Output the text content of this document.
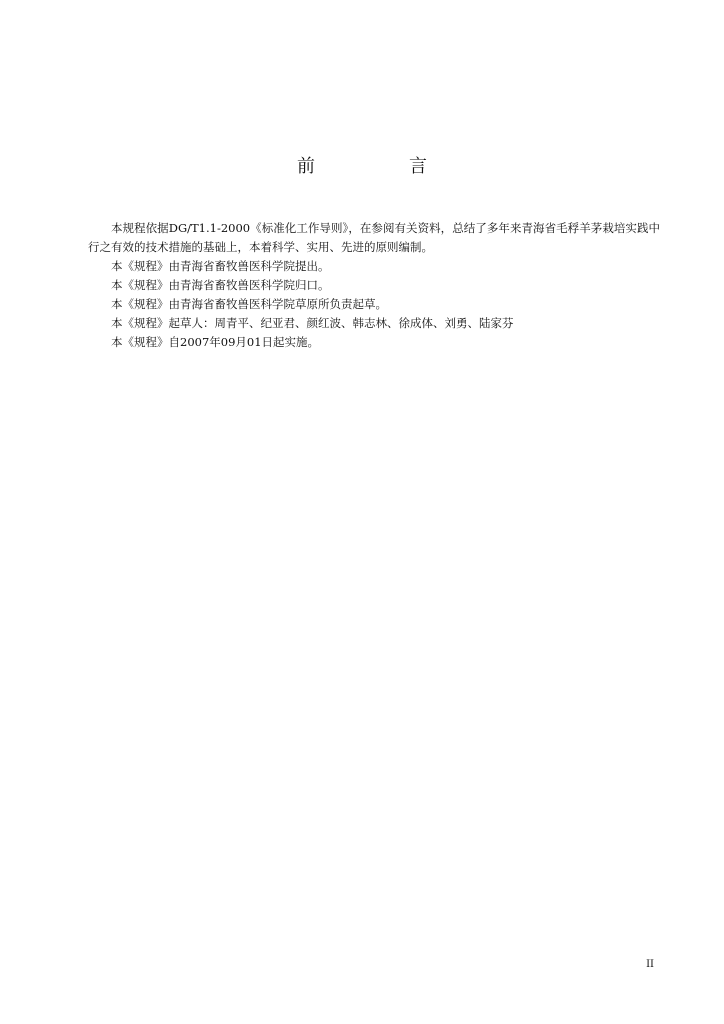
前　言

本规程依据DG/T1.1-2000《标准化工作导则》，在参阅有关资料，总结了多年来青海省毛稃羊茅栽培实践中行之有效的技术措施的基础上，本着科学、实用、先进的原则编制。

本《规程》由青海省畜牧兽医科学院提出。

本《规程》由青海省畜牧兽医科学院归口。

本《规程》由青海省畜牧兽医科学院草原所负责起草。

本《规程》起草人：周青平、纪亚君、颜红波、韩志林、徐成体、刘勇、陆家芬

本《规程》自2007年09月01日起实施。

II
